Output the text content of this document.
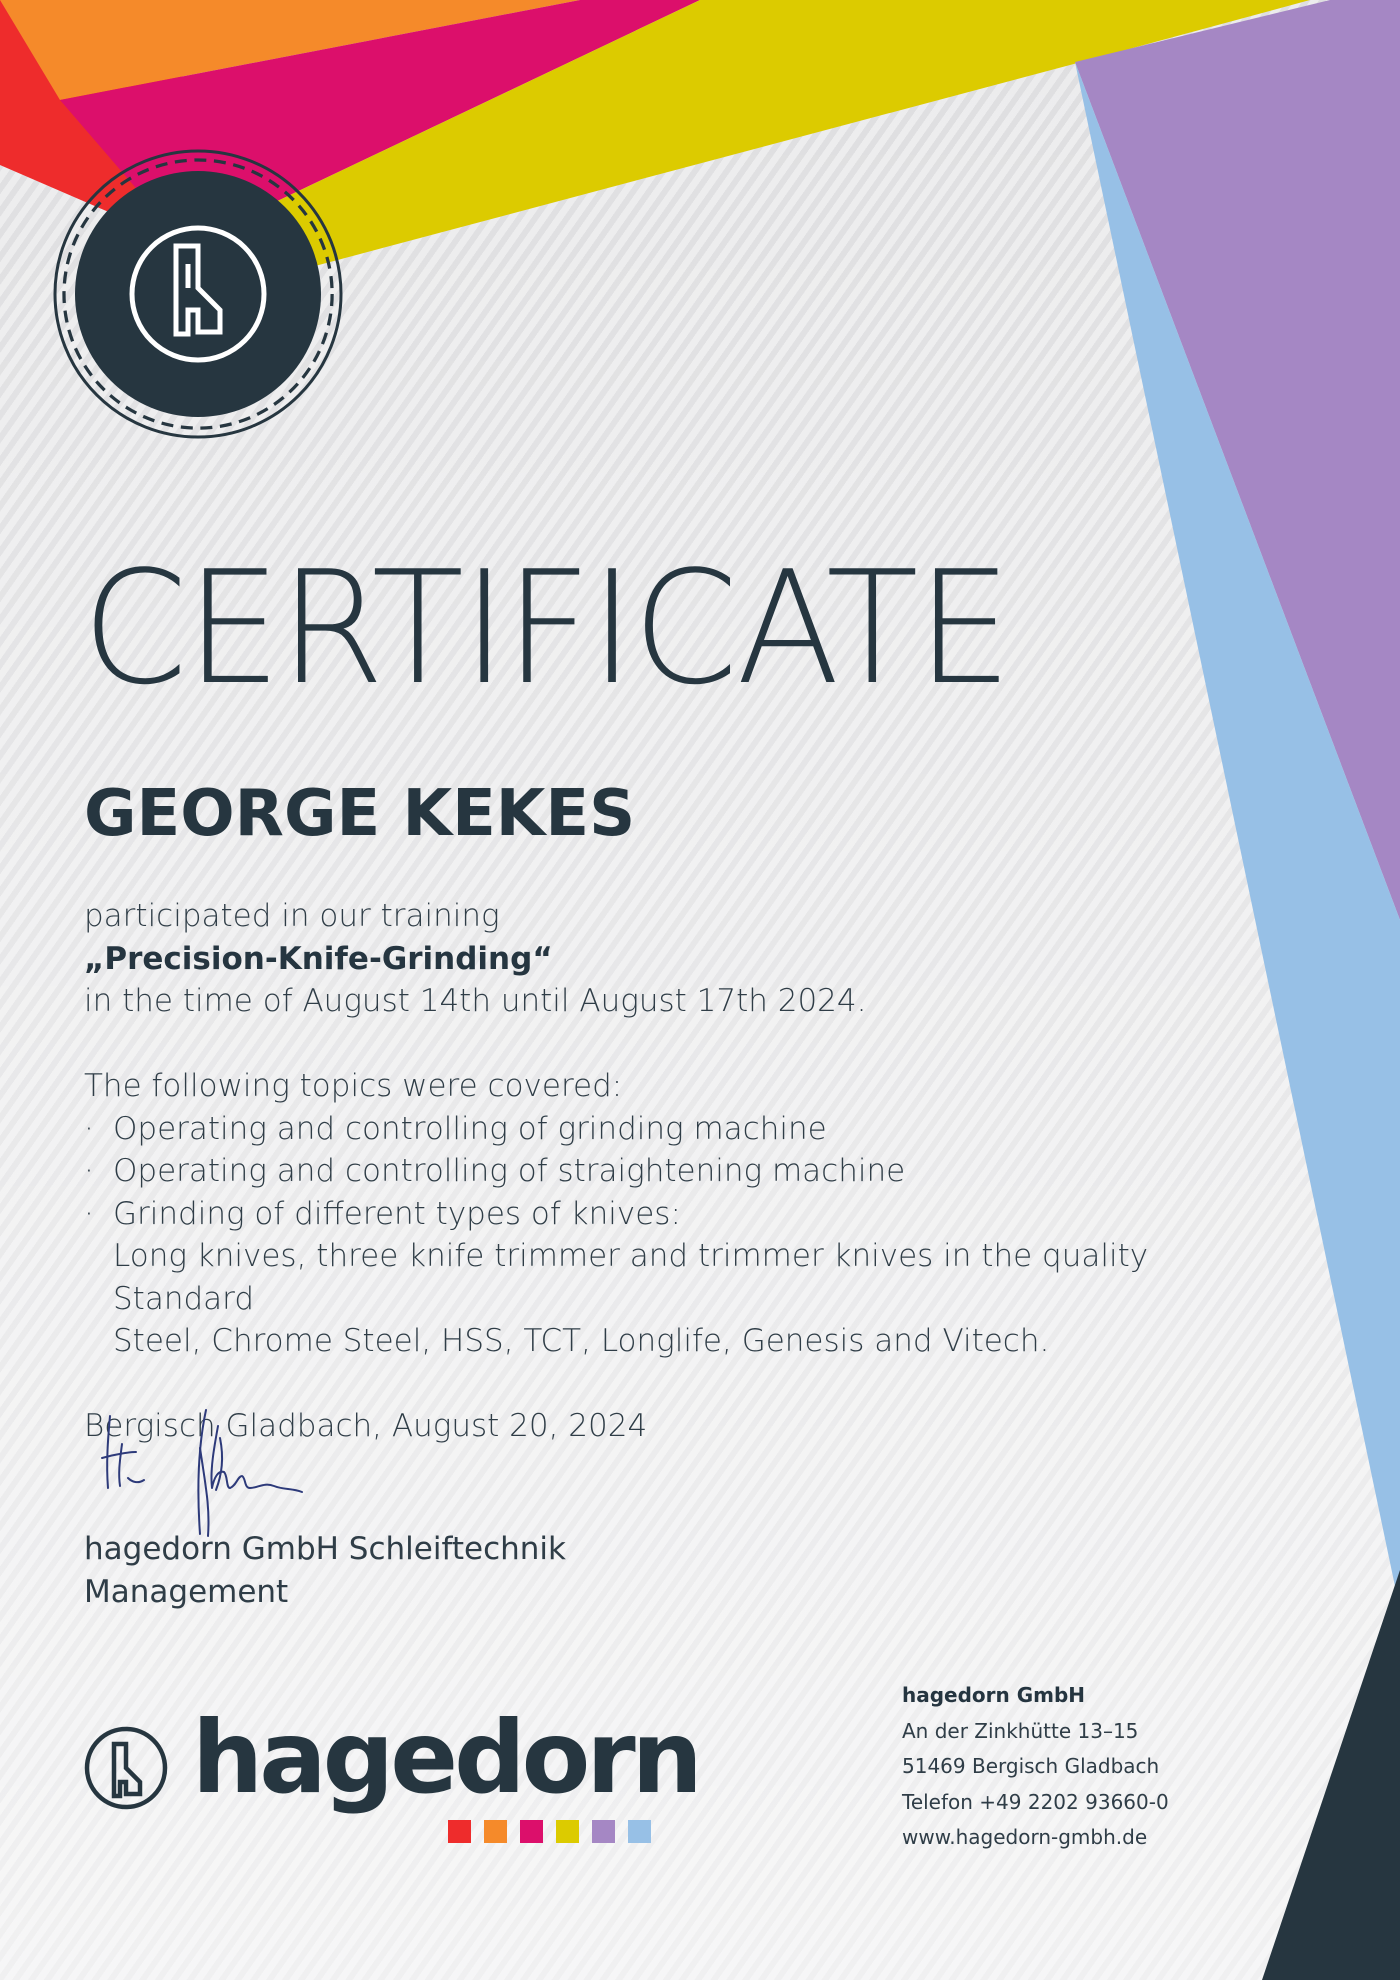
CERTIFICATE
GEORGE KEKES

participated in our training

„Precision-Knife-Grinding“

in the time of August 14th until August 17th 2024.

The following topics were covered:

· Operating and controlling of grinding machine

· Operating and controlling of straightening machine

· Grinding of different types of knives:

Long knives, three knife trimmer and trimmer knives in the quality Standard

Steel, Chrome Steel, HSS, TCT, Longlife, Genesis and Vitech.

Bergisch Gladbach, August 20, 2024

hagedorn GmbH Schleiftechnik

Management

hagedorn

hagedorn GmbH

An der Zinkhütte 13–15

51469 Bergisch Gladbach

Telefon +49 2202 93660-0

www.hagedorn-gmbh.de
